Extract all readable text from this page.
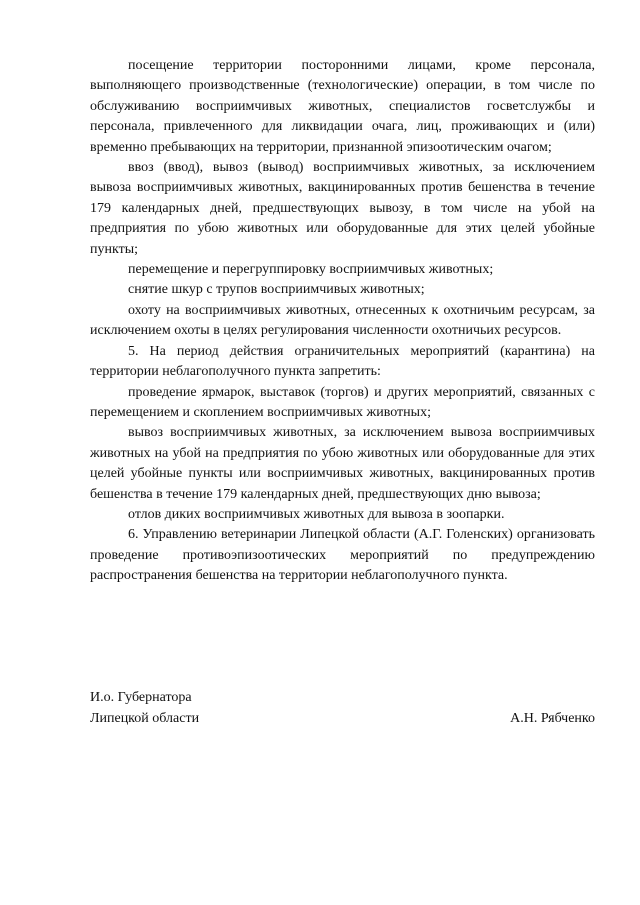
посещение территории посторонними лицами, кроме персонала, выполняющего производственные (технологические) операции, в том числе по обслуживанию восприимчивых животных, специалистов госветслужбы и персонала, привлеченного для ликвидации очага, лиц, проживающих и (или) временно пребывающих на территории, признанной эпизоотическим очагом;

ввоз (ввод), вывоз (вывод) восприимчивых животных, за исключением вывоза восприимчивых животных, вакцинированных против бешенства в течение 179 календарных дней, предшествующих вывозу, в том числе на убой на предприятия по убою животных или оборудованные для этих целей убойные пункты;

перемещение и перегруппировку восприимчивых животных;

снятие шкур с трупов восприимчивых животных;

охоту на восприимчивых животных, отнесенных к охотничьим ресурсам, за исключением охоты в целях регулирования численности охотничьих ресурсов.

5. На период действия ограничительных мероприятий (карантина) на территории неблагополучного пункта запретить:

проведение ярмарок, выставок (торгов) и других мероприятий, связанных с перемещением и скоплением восприимчивых животных;

вывоз восприимчивых животных, за исключением вывоза восприимчивых животных на убой на предприятия по убою животных или оборудованные для этих целей убойные пункты или восприимчивых животных, вакцинированных против бешенства в течение 179 календарных дней, предшествующих дню вывоза;

отлов диких восприимчивых животных для вывоза в зоопарки.

6. Управлению ветеринарии Липецкой области (А.Г. Голенских) организовать проведение противоэпизоотических мероприятий по предупреждению распространения бешенства на территории неблагополучного пункта.

И.о. Губернатора
Липецкой области	А.Н. Рябченко
